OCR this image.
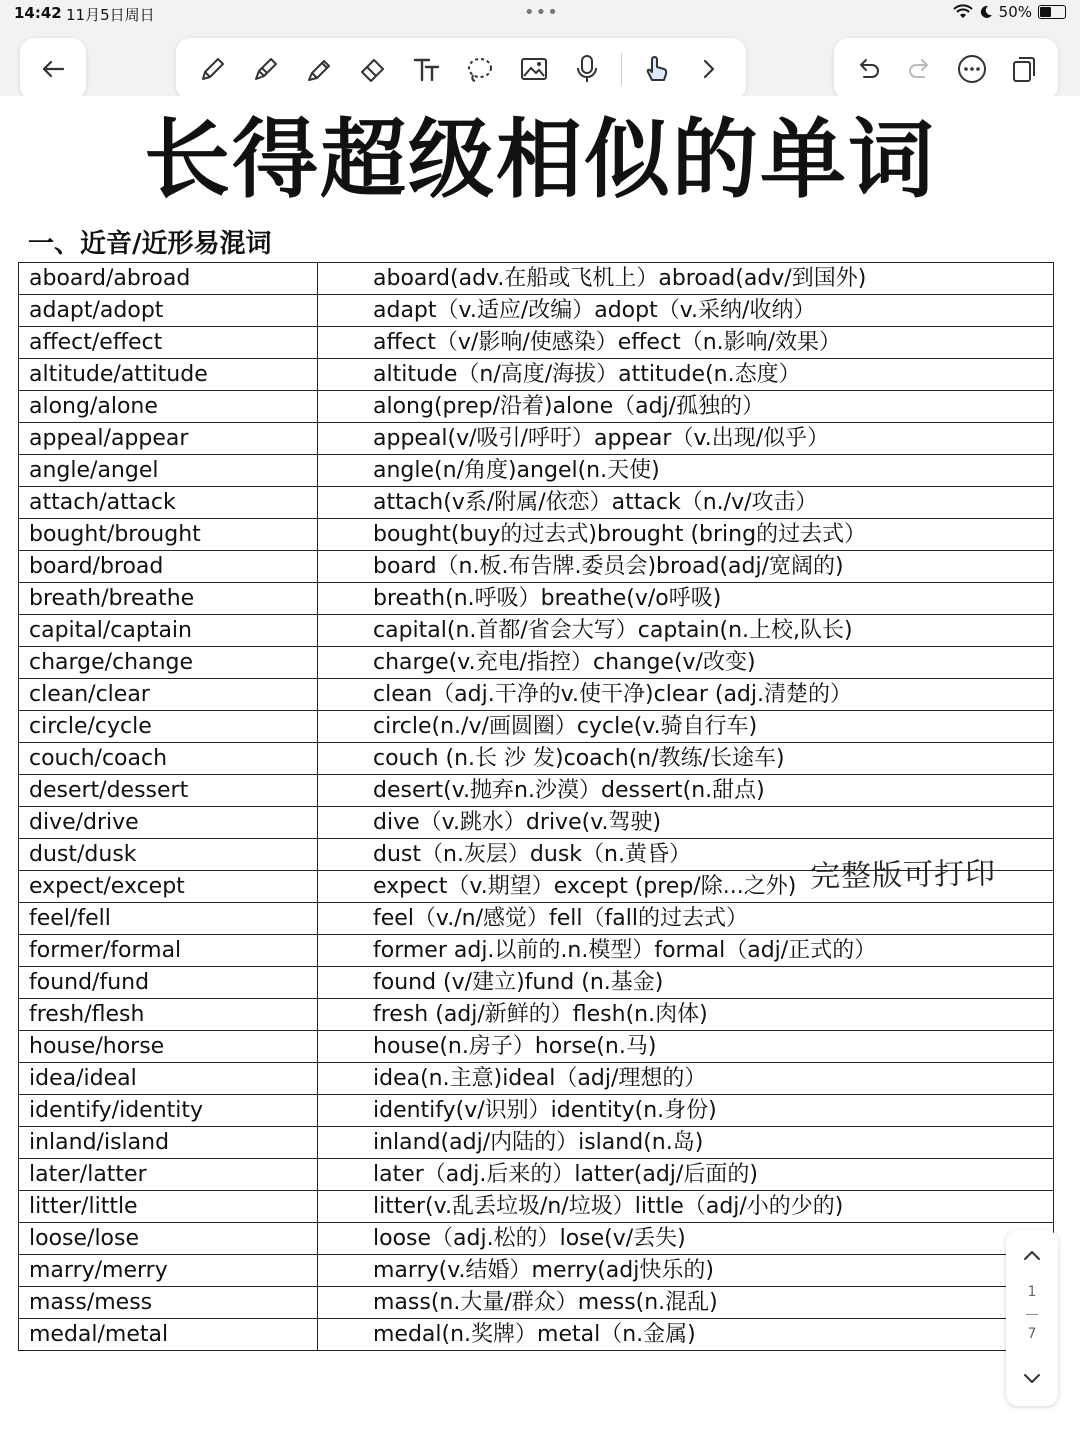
14:42 11月5日周日	•••	50%
长得超级相似的单词
一、近音/近形易混词
aboard/abroad	aboard(adv.在船或飞机上）abroad(adv/到国外)
adapt/adopt	adapt（v.适应/改编）adopt（v.采纳/收纳）
affect/effect	affect（v/影响/使感染）effect（n.影响/效果）
altitude/attitude	altitude（n/高度/海拔）attitude(n.态度）
along/alone	along(prep/沿着)alone（adj/孤独的）
appeal/appear	appeal(v/吸引/呼吁）appear（v.出现/似乎）
angle/angel	angle(n/角度)angel(n.天使)
attach/attack	attach(v系/附属/依恋）attack（n./v/攻击）
bought/brought	bought(buy的过去式)brought (bring的过去式）
board/broad	board（n.板.布告牌.委员会)broad(adj/宽阔的)
breath/breathe	breath(n.呼吸）breathe(v/o呼吸)
capital/captain	capital(n.首都/省会大写）captain(n.上校,队长)
charge/change	charge(v.充电/指控）change(v/改变)
clean/clear	clean（adj.干净的v.使干净)clear (adj.清楚的）
circle/cycle	circle(n./v/画圆圈）cycle(v.骑自行车)
couch/coach	couch (n.长 沙 发)coach(n/教练/长途车)
desert/dessert	desert(v.抛弃n.沙漠）dessert(n.甜点)
dive/drive	dive（v.跳水）drive(v.驾驶)
dust/dusk	dust（n.灰层）dusk（n.黄昏）
expect/except	expect（v.期望）except (prep/除...之外)
feel/fell	feel（v./n/感觉）fell（fall的过去式）
former/formal	former adj.以前的.n.模型）formal（adj/正式的）
found/fund	found (v/建立)fund (n.基金)
fresh/flesh	fresh (adj/新鲜的）flesh(n.肉体)
house/horse	house(n.房子）horse(n.马)
idea/ideal	idea(n.主意)ideal（adj/理想的）
identify/identity	identify(v/识别）identity(n.身份)
inland/island	inland(adj/内陆的）island(n.岛)
later/latter	later（adj.后来的）latter(adj/后面的)
litter/little	litter(v.乱丢垃圾/n/垃圾）little（adj/小的少的)
loose/lose	loose（adj.松的）lose(v/丢失)
marry/merry	marry(v.结婚）merry(adj快乐的)
mass/mess	mass(n.大量/群众）mess(n.混乱)
medal/metal	medal(n.奖牌）metal（n.金属)
完整版可打印
1
7
